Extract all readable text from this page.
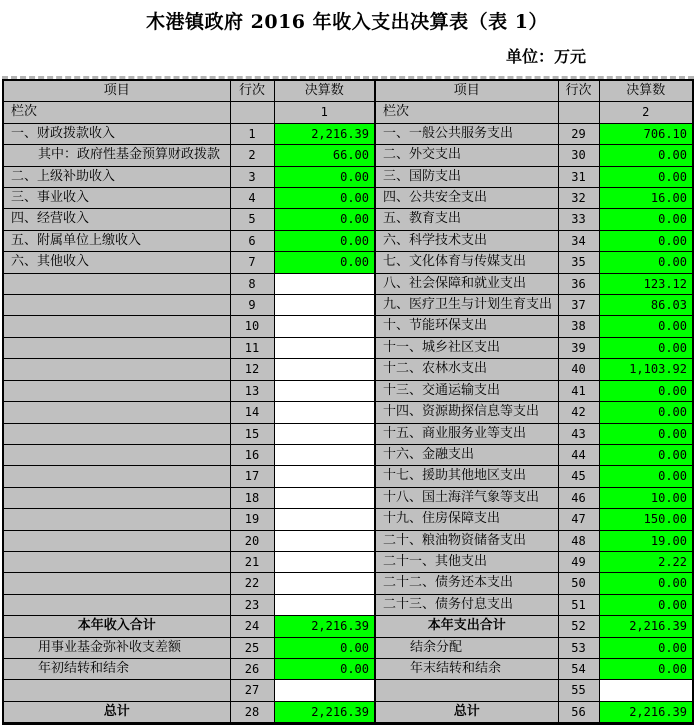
木港镇政府 2016 年收入支出决算表（表 1）
单位：万元
项目	行次	决算数	项目	行次	决算数
栏次		1	栏次		2
一、财政拨款收入	1	2,216.39	一、一般公共服务支出	29	706.10
其中：政府性基金预算财政拨款	2	66.00	二、外交支出	30	0.00
二、上级补助收入	3	0.00	三、国防支出	31	0.00
三、事业收入	4	0.00	四、公共安全支出	32	16.00
四、经营收入	5	0.00	五、教育支出	33	0.00
五、附属单位上缴收入	6	0.00	六、科学技术支出	34	0.00
六、其他收入	7	0.00	七、文化体育与传媒支出	35	0.00
	8		八、社会保障和就业支出	36	123.12
	9		九、医疗卫生与计划生育支出	37	86.03
	10		十、节能环保支出	38	0.00
	11		十一、城乡社区支出	39	0.00
	12		十二、农林水支出	40	1,103.92
	13		十三、交通运输支出	41	0.00
	14		十四、资源勘探信息等支出	42	0.00
	15		十五、商业服务业等支出	43	0.00
	16		十六、金融支出	44	0.00
	17		十七、援助其他地区支出	45	0.00
	18		十八、国土海洋气象等支出	46	10.00
	19		十九、住房保障支出	47	150.00
	20		二十、粮油物资储备支出	48	19.00
	21		二十一、其他支出	49	2.22
	22		二十二、债务还本支出	50	0.00
	23		二十三、债务付息支出	51	0.00
本年收入合计	24	2,216.39	本年支出合计	52	2,216.39
用事业基金弥补收支差额	25	0.00	结余分配	53	0.00
年初结转和结余	26	0.00	年末结转和结余	54	0.00
	27			55	
总计	28	2,216.39	总计	56	2,216.39
